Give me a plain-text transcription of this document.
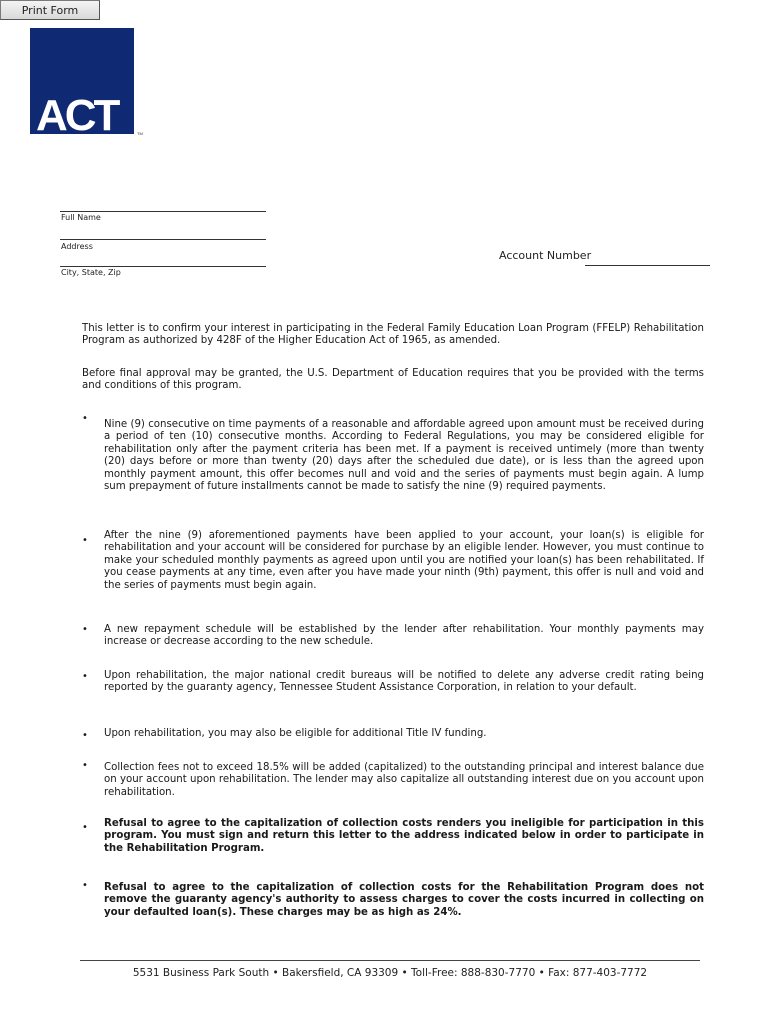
Print Form
ACT	TM
Full Name
Address
City, State, Zip
Account Number

This letter is to confirm your interest in participating in the Federal Family Education Loan Program (FFELP) Rehabilitation Program as authorized by 428F of the Higher Education Act of 1965, as amended.

Before final approval may be granted, the U.S. Department of Education requires that you be provided with the terms and conditions of this program.

•

Nine (9) consecutive on time payments of a reasonable and affordable agreed upon amount must be received during a period of ten (10) consecutive months. According to Federal Regulations, you may be considered eligible for rehabilitation only after the payment criteria has been met. If a payment is received untimely (more than twenty (20) days before or more than twenty (20) days after the scheduled due date), or is less than the agreed upon monthly payment amount, this offer becomes null and void and the series of payments must begin again. A lump sum prepayment of future installments cannot be made to satisfy the nine (9) required payments.

• After the nine (9) aforementioned payments have been applied to your account, your loan(s) is eligible for rehabilitation and your account will be considered for purchase by an eligible lender. However, you must continue to make your scheduled monthly payments as agreed upon until you are notified your loan(s) has been rehabilitated. If you cease payments at any time, even after you have made your ninth (9th) payment, this offer is null and void and the series of payments must begin again.

• A new repayment schedule will be established by the lender after rehabilitation. Your monthly payments may increase or decrease according to the new schedule.

• Upon rehabilitation, the major national credit bureaus will be notified to delete any adverse credit rating being reported by the guaranty agency, Tennessee Student Assistance Corporation, in relation to your default.

• Upon rehabilitation, you may also be eligible for additional Title IV funding.

• Collection fees not to exceed 18.5% will be added (capitalized) to the outstanding principal and interest balance due on your account upon rehabilitation. The lender may also capitalize all outstanding interest due on you account upon rehabilitation.

• Refusal to agree to the capitalization of collection costs renders you ineligible for participation in this program. You must sign and return this letter to the address indicated below in order to participate in the Rehabilitation Program.

• Refusal to agree to the capitalization of collection costs for the Rehabilitation Program does not remove the guaranty agency's authority to assess charges to cover the costs incurred in collecting on your defaulted loan(s). These charges may be as high as 24%.

5531 Business Park South • Bakersfield, CA 93309 • Toll-Free: 888-830-7770 • Fax: 877-403-7772
